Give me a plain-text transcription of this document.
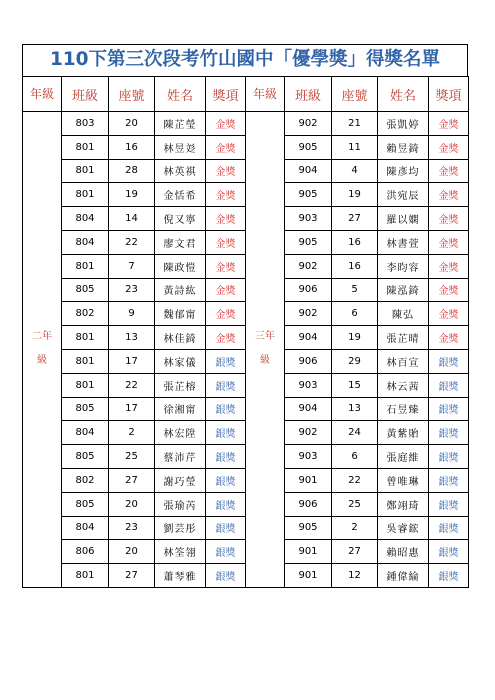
110下第三次段考竹山國中「優學獎」得獎名單
年級	班級	座號	姓名	獎項	年級	班級	座號	姓名	獎項
二年級	803	20	陳芷瑩	金獎	三年級	902	21	張凱婷	金獎
	801	16	林昱彣	金獎		905	11	賴昱錡	金獎
	801	28	林英祺	金獎		904	4	陳彥均	金獎
	801	19	金恬希	金獎		905	19	洪宛辰	金獎
	804	14	倪又寧	金獎		903	27	羅以嫻	金獎
	804	22	廖文君	金獎		905	16	林書萱	金獎
	801	7	陳政愷	金獎		902	16	李昀容	金獎
	805	23	黃詩紘	金獎		906	5	陳泓錡	金獎
	802	9	魏郁甯	金獎		902	6	陳弘	金獎
	801	13	林佳錡	金獎		904	19	張芷晴	金獎
	801	17	林家儀	銀獎		906	29	林百宣	銀獎
	801	22	張芷榕	銀獎		903	15	林云茜	銀獎
	805	17	徐湘甯	銀獎		904	13	石昱臻	銀獎
	804	2	林宏陞	銀獎		902	24	黃紫貽	銀獎
	805	25	蔡沛芹	銀獎		903	6	張庭維	銀獎
	802	27	謝巧瑩	銀獎		901	22	曾唯琳	銀獎
	805	20	張瑜芮	銀獎		906	25	鄭翊琦	銀獎
	804	23	劉芸彤	銀獎		905	2	吳睿鋐	銀獎
	806	20	林筌翎	銀獎		901	27	賴昭惠	銀獎
	801	27	蕭琴雅	銀獎		901	12	鍾偉綸	銀獎
